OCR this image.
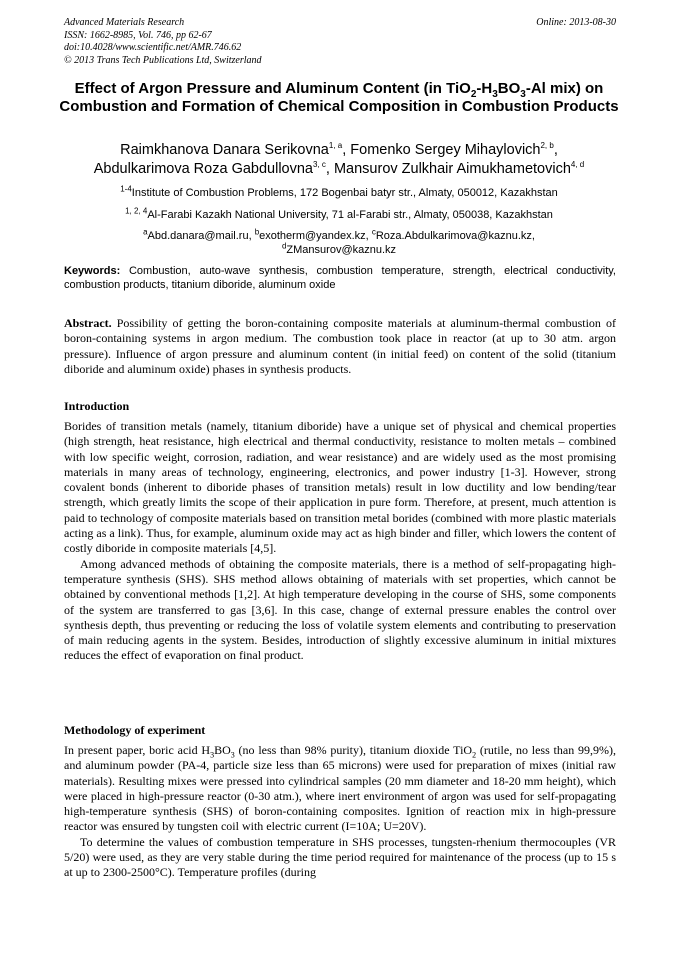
Advanced Materials Research
ISSN: 1662-8985, Vol. 746, pp 62-67
doi:10.4028/www.scientific.net/AMR.746.62
© 2013 Trans Tech Publications Ltd, Switzerland
Online: 2013-08-30
Effect of Argon Pressure and Aluminum Content (in $TiO_2-H_3BO_3-Al$ mix) on Combustion and Formation of Chemical Composition in Combustion Products
Raimkhanova Danara Serikovna$^{1, a}$, Fomenko Sergey Mihaylovich$^{2, b}$,
Abdulkarimova Roza Gabdullovna$^{3, c}$, Mansurov Zulkhair Aimukhametovich$^{4, d}$
$^{1-4}$Institute of Combustion Problems, 172 Bogenbai batyr str., Almaty, 050012, Kazakhstan
$^{1, 2, 4}$Al-Farabi Kazakh National University, 71 al-Farabi str., Almaty, 050038, Kazakhstan
$^a$Abd.danara@mail.ru, $^b$exotherm@yandex.kz, $^c$Roza.Abdulkarimova@kaznu.kz,
$^d$ZMansurov@kaznu.kz
Keywords: Combustion, auto-wave synthesis, combustion temperature, strength, electrical conductivity, combustion products, titanium diboride, aluminum oxide
Abstract. Possibility of getting the boron-containing composite materials at aluminum-thermal combustion of boron-containing systems in argon medium. The combustion took place in reactor (at up to 30 atm. argon pressure). Influence of argon pressure and aluminum content (in initial feed) on content of the solid (titanium diboride and aluminum oxide) phases in synthesis products.
Introduction
Borides of transition metals (namely, titanium diboride) have a unique set of physical and chemical properties (high strength, heat resistance, high electrical and thermal conductivity, resistance to molten metals – combined with low specific weight, corrosion, radiation, and wear resistance) and are widely used as the most promising materials in many areas of technology, engineering, electronics, and power industry [1-3]. However, strong covalent bonds (inherent to diboride phases of transition metals) result in low ductility and low bending/tear strength, which greatly limits the scope of their application in pure form. Therefore, at present, much attention is paid to technology of composite materials based on transition metal borides (combined with more plastic materials acting as a link). Thus, for example, aluminum oxide may act as high binder and filler, which lowers the content of costly diboride in composite materials [4,5].
Among advanced methods of obtaining the composite materials, there is a method of self-propagating high-temperature synthesis (SHS). SHS method allows obtaining of materials with set properties, which cannot be obtained by conventional methods [1,2]. At high temperature developing in the course of SHS, some components of the system are transferred to gas [3,6]. In this case, change of external pressure enables the control over synthesis depth, thus preventing or reducing the loss of volatile system elements and contributing to preservation of main reducing agents in the system. Besides, introduction of slightly excessive aluminum in initial mixtures reduces the effect of evaporation on final product.
Methodology of experiment
In present paper, boric acid $H_3BO_3$ (no less than 98% purity), titanium dioxide TiO$_2$ (rutile, no less than 99,9%), and aluminum powder (PA-4, particle size less than 65 microns) were used for preparation of mixes (initial raw materials). Resulting mixes were pressed into cylindrical samples (20 mm diameter and 18-20 mm height), which were placed in high-pressure reactor (0-30 atm.), where inert environment of argon was used for self-propagating high-temperature synthesis (SHS) of boron-containing composites. Ignition of reaction mix in high-pressure reactor was ensured by tungsten coil with electric current (I=10A; U=20V).
To determine the values of combustion temperature in SHS processes, tungsten-rhenium thermocouples (VR 5/20) were used, as they are very stable during the time period required for maintenance of the process (up to 15 s at up to 2300-2500°C). Temperature profiles (during
